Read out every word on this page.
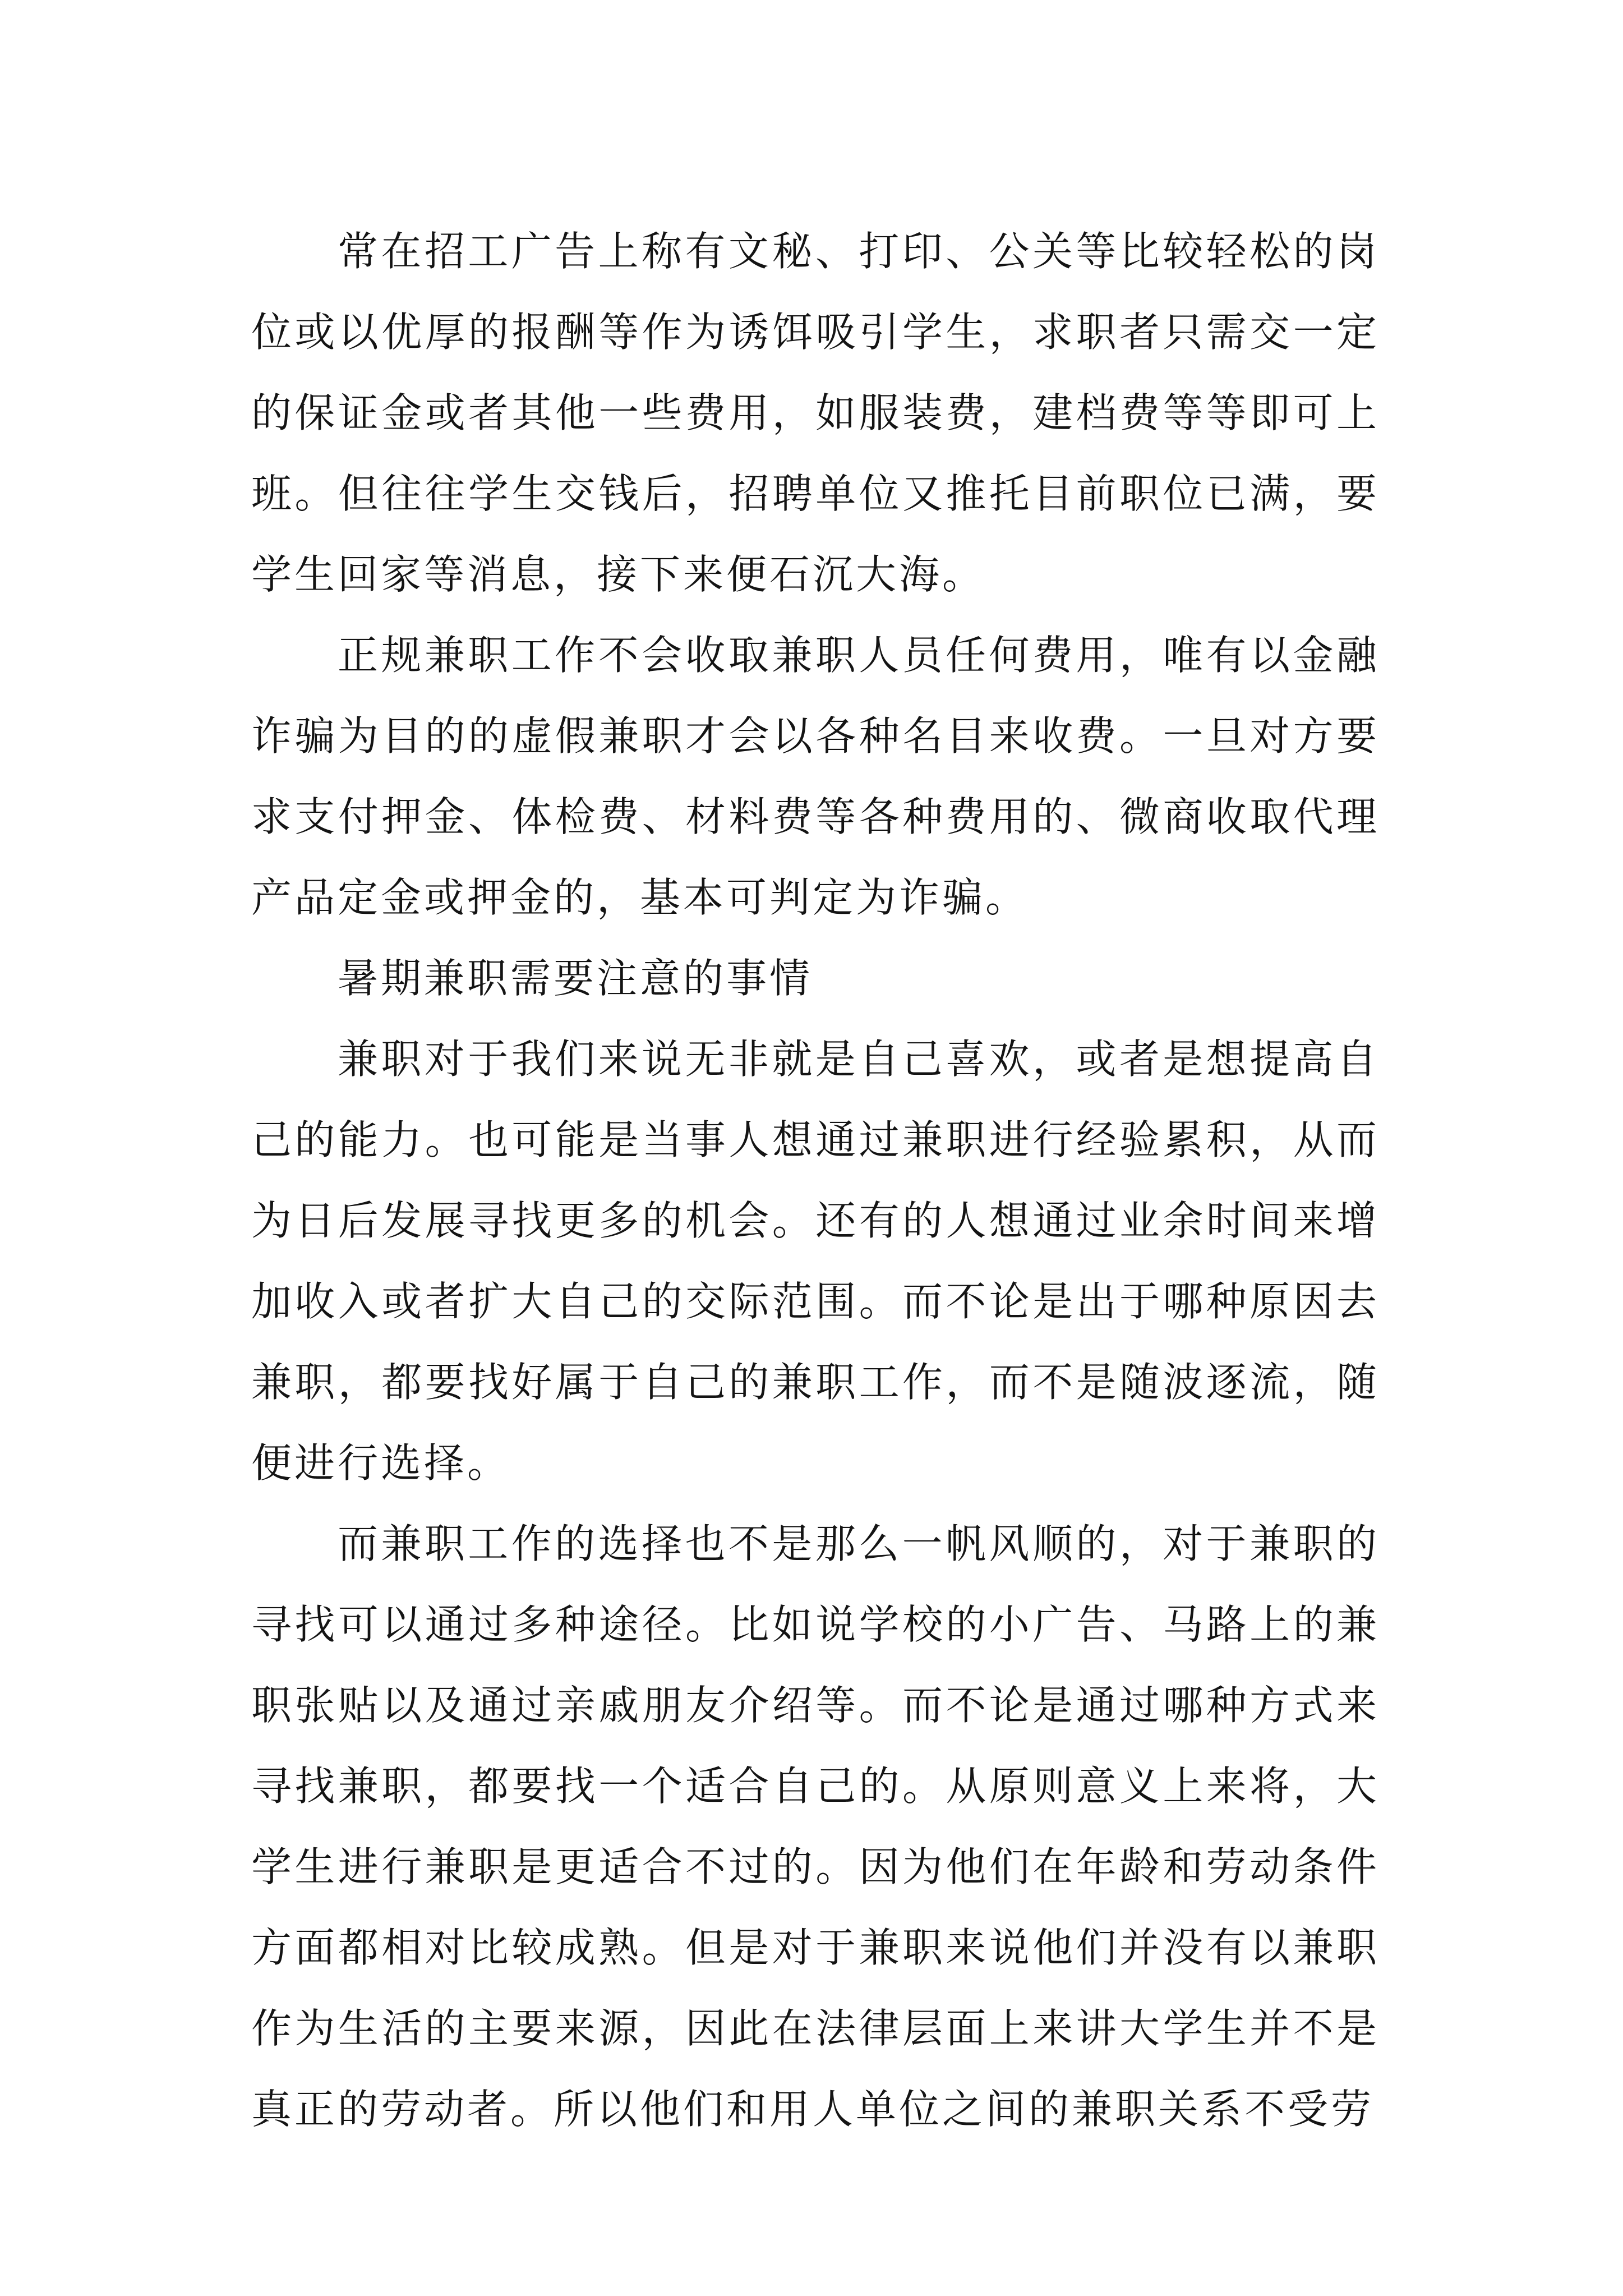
常在招工广告上称有文秘、打印、公关等比较轻松的岗位或以优厚的报酬等作为诱饵吸引学生，求职者只需交一定的保证金或者其他一些费用，如服装费，建档费等等即可上班。但往往学生交钱后，招聘单位又推托目前职位已满，要学生回家等消息，接下来便石沉大海。

正规兼职工作不会收取兼职人员任何费用，唯有以金融诈骗为目的的虚假兼职才会以各种名目来收费。一旦对方要求支付押金、体检费、材料费等各种费用的、微商收取代理产品定金或押金的，基本可判定为诈骗。

暑期兼职需要注意的事情

兼职对于我们来说无非就是自己喜欢，或者是想提高自己的能力。也可能是当事人想通过兼职进行经验累积，从而为日后发展寻找更多的机会。还有的人想通过业余时间来增加收入或者扩大自己的交际范围。而不论是出于哪种原因去兼职，都要找好属于自己的兼职工作，而不是随波逐流，随便进行选择。

而兼职工作的选择也不是那么一帆风顺的，对于兼职的寻找可以通过多种途径。比如说学校的小广告、马路上的兼职张贴以及通过亲戚朋友介绍等。而不论是通过哪种方式来寻找兼职，都要找一个适合自己的。从原则意义上来将，大学生进行兼职是更适合不过的。因为他们在年龄和劳动条件方面都相对比较成熟。但是对于兼职来说他们并没有以兼职作为生活的主要来源，因此在法律层面上来讲大学生并不是真正的劳动者。所以他们和用人单位之间的兼职关系不受劳
